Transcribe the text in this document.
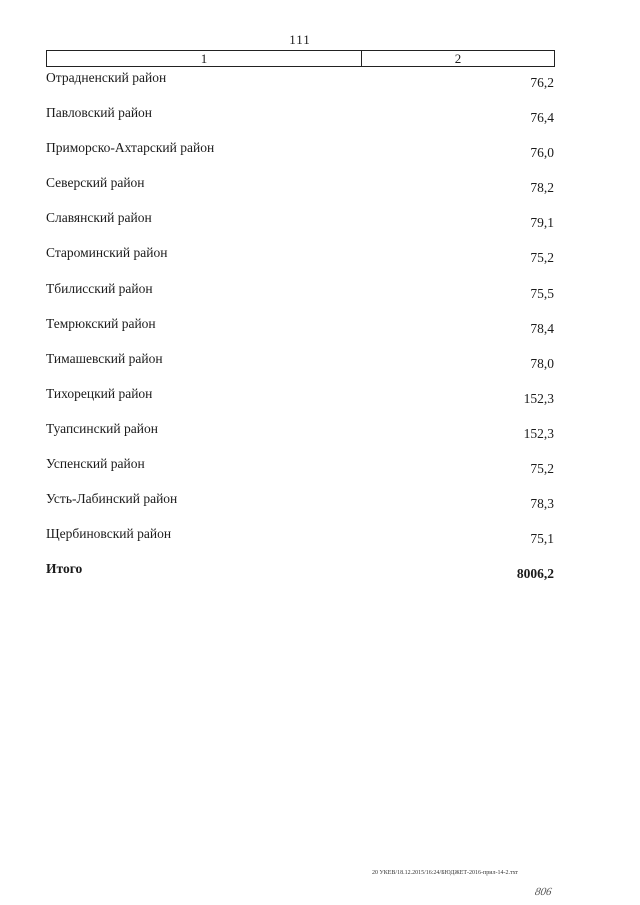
111
1	2
Отрадненский район	76,2
Павловский район	76,4
Приморско-Ахтарский район	76,0
Северский район	78,2
Славянский район	79,1
Староминский район	75,2
Тбилисский район	75,5
Темрюкский район	78,4
Тимашевский район	78,0
Тихорецкий район	152,3
Туапсинский район	152,3
Успенский район	75,2
Усть-Лабинский район	78,3
Щербиновский район	75,1
Итого	8006,2
20 УКЕВ/18.12.2015/16:24/БЮДЖЕТ-2016-прил-14-2.тхт
806
